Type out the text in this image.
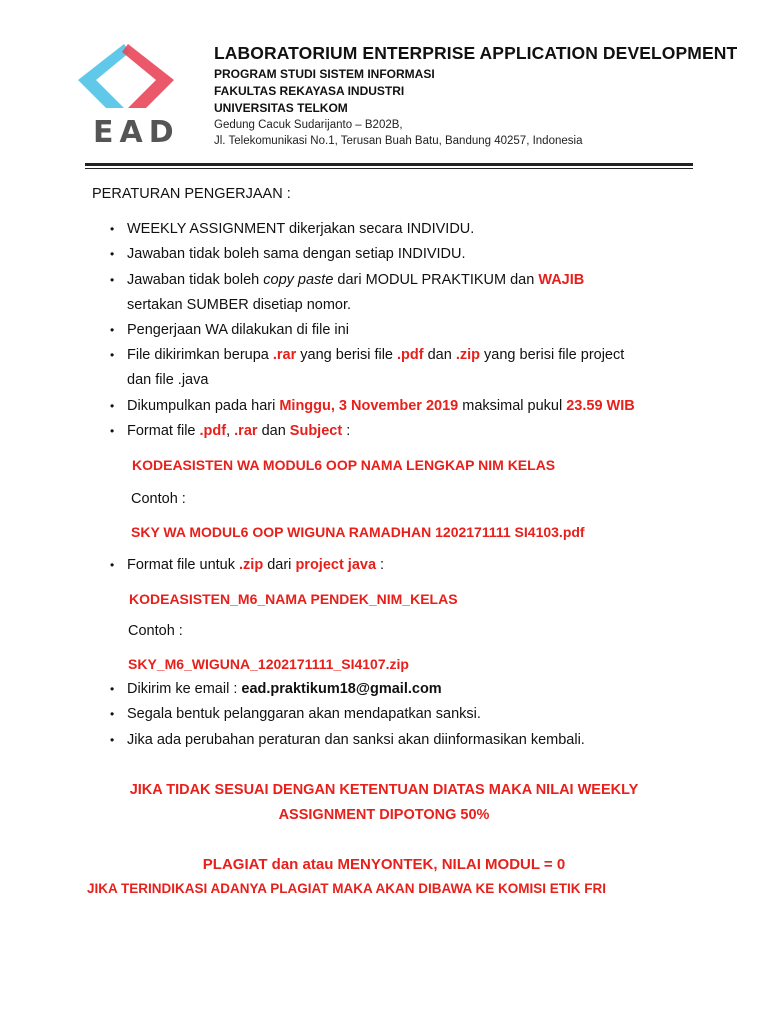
EAD
LABORATORIUM ENTERPRISE APPLICATION DEVELOPMENT
PROGRAM STUDI SISTEM INFORMASI
FAKULTAS REKAYASA INDUSTRI
UNIVERSITAS TELKOM
Gedung Cacuk Sudarijanto – B202B,
Jl. Telekomunikasi No.1, Terusan Buah Batu, Bandung 40257, Indonesia
PERATURAN PENGERJAAN :
• WEEKLY ASSIGNMENT dikerjakan secara INDIVIDU.
• Jawaban tidak boleh sama dengan setiap INDIVIDU.
• Jawaban tidak boleh copy paste dari MODUL PRAKTIKUM dan WAJIB
sertakan SUMBER disetiap nomor.
• Pengerjaan WA dilakukan di file ini
• File dikirimkan berupa .rar yang berisi file .pdf dan .zip yang berisi file project
dan file .java
• Dikumpulkan pada hari Minggu, 3 November 2019 maksimal pukul 23.59 WIB
• Format file .pdf, .rar dan Subject :
KODEASISTEN WA MODUL6 OOP NAMA LENGKAP NIM KELAS
Contoh :
SKY WA MODUL6 OOP WIGUNA RAMADHAN 1202171111 SI4103.pdf
• Format file untuk .zip dari project java :
KODEASISTEN_M6_NAMA PENDEK_NIM_KELAS
Contoh :
SKY_M6_WIGUNA_1202171111_SI4107.zip
• Dikirim ke email : ead.praktikum18@gmail.com
• Segala bentuk pelanggaran akan mendapatkan sanksi.
• Jika ada perubahan peraturan dan sanksi akan diinformasikan kembali.
JIKA TIDAK SESUAI DENGAN KETENTUAN DIATAS MAKA NILAI WEEKLY
ASSIGNMENT DIPOTONG 50%
PLAGIAT dan atau MENYONTEK, NILAI MODUL = 0
JIKA TERINDIKASI ADANYA PLAGIAT MAKA AKAN DIBAWA KE KOMISI ETIK FRI
